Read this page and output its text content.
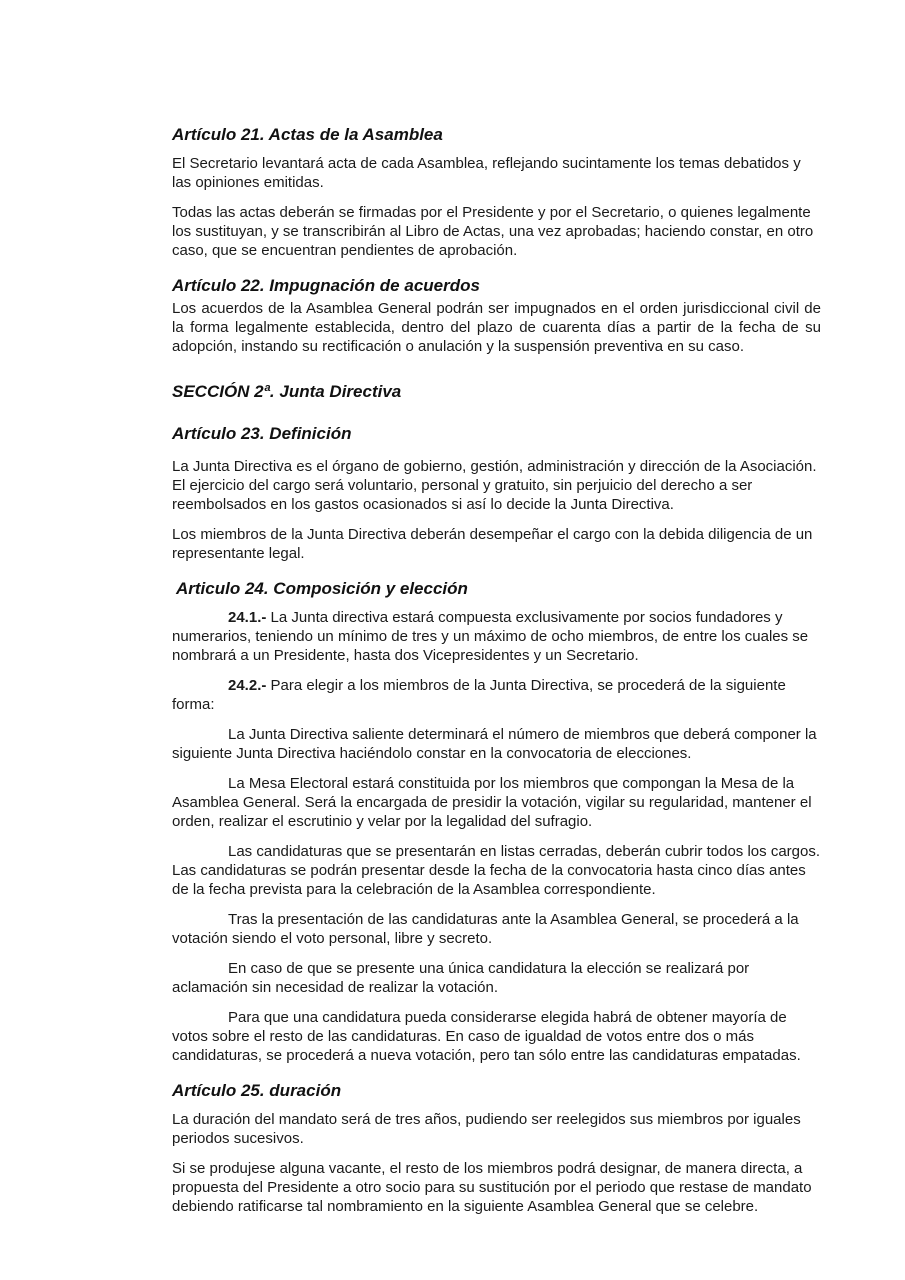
Artículo 21. Actas de la Asamblea

El Secretario levantará acta de cada Asamblea, reflejando sucintamente los temas debatidos y las opiniones emitidas.

Todas las actas deberán se firmadas por el Presidente y por el Secretario, o quienes legalmente los sustituyan, y se transcribirán al Libro de Actas, una vez aprobadas; haciendo constar, en otro caso, que se encuentran pendientes de aprobación.

Artículo 22. Impugnación de acuerdos

Los acuerdos de la Asamblea General podrán ser impugnados en el orden jurisdiccional civil de la forma legalmente establecida, dentro del plazo de cuarenta días a partir de la fecha de su adopción, instando su rectificación o anulación y la suspensión preventiva en su caso.

SECCIÓN 2ª. Junta Directiva
Artículo 23. Definición

La Junta Directiva es el órgano de gobierno, gestión, administración y dirección de la Asociación. El ejercicio del cargo será voluntario, personal y gratuito, sin perjuicio del derecho a ser reembolsados en los gastos ocasionados si así lo decide la Junta Directiva.

Los miembros de la Junta Directiva deberán desempeñar el cargo con la debida diligencia de un representante legal.

Articulo 24. Composición y elección

24.1.- La Junta directiva estará compuesta exclusivamente por socios fundadores y numerarios, teniendo un mínimo de tres y un máximo de ocho miembros, de entre los cuales se nombrará a un Presidente, hasta dos Vicepresidentes y un Secretario.

24.2.- Para elegir a los miembros de la Junta Directiva, se procederá de la siguiente forma:

La Junta Directiva saliente determinará el número de miembros que deberá componer la siguiente Junta Directiva haciéndolo constar en la convocatoria de elecciones.

La Mesa Electoral estará constituida por los miembros que compongan la Mesa de la Asamblea General. Será la encargada de presidir la votación, vigilar su regularidad, mantener el orden, realizar el escrutinio y velar por la legalidad del sufragio.

Las candidaturas que se presentarán en listas cerradas, deberán cubrir todos los cargos. Las candidaturas se podrán presentar desde la fecha de la convocatoria hasta cinco días antes de la fecha prevista para la celebración de la Asamblea correspondiente.

Tras la presentación de las candidaturas ante la Asamblea General, se procederá a la votación siendo el voto personal, libre y secreto.

En caso de que se presente una única candidatura la elección se realizará por aclamación sin necesidad de realizar la votación.

Para que una candidatura pueda considerarse elegida habrá de obtener mayoría de votos sobre el resto de las candidaturas. En caso de igualdad de votos entre dos o más candidaturas, se procederá a nueva votación, pero tan sólo entre las candidaturas empatadas.

Artículo 25. duración

La duración del mandato será de tres años, pudiendo ser reelegidos sus miembros por iguales periodos sucesivos.

Si se produjese alguna vacante, el resto de los miembros podrá designar, de manera directa, a propuesta del Presidente a otro socio para su sustitución por el periodo que restase de mandato debiendo ratificarse tal nombramiento en la siguiente Asamblea General que se celebre.
